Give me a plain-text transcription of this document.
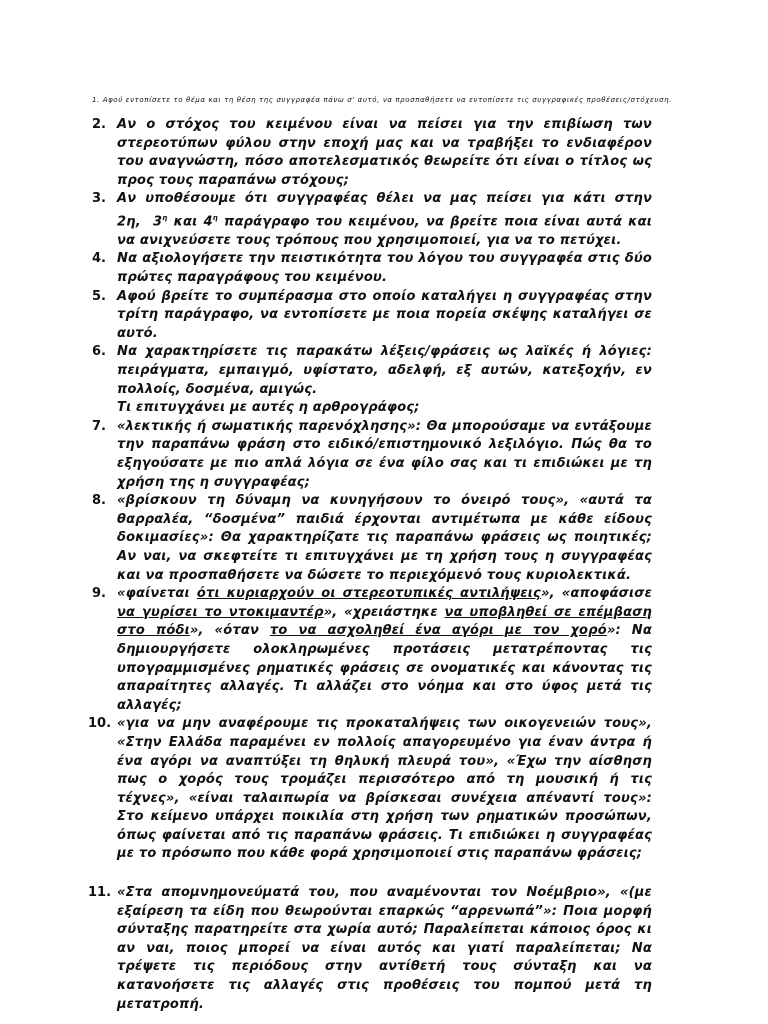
1. Αφού εντοπίσετε το θέμα και τη θέση της συγγραφέα πάνω σ' αυτό, να προσπαθήσετε να εντοπίσετε τις συγγραφικές προθέσεις/στόχευση.
2. Αν ο στόχος του κειμένου είναι να πείσει για την επιβίωση των στερεοτύπων φύλου στην εποχή μας και να τραβήξει το ενδιαφέρον του αναγνώστη, πόσο αποτελεσματικός θεωρείτε ότι είναι ο τίτλος ως προς τους παραπάνω στόχους;
3. Αν υποθέσουμε ότι συγγραφέας θέλει να μας πείσει για κάτι στην 2η, $3^\eta$ και $4^\eta$ παράγραφο του κειμένου, να βρείτε ποια είναι αυτά και να ανιχνεύσετε τους τρόπους που χρησιμοποιεί, για να το πετύχει.
4. Να αξιολογήσετε την πειστικότητα του λόγου του συγγραφέα στις δύο πρώτες παραγράφους του κειμένου.
5. Αφού βρείτε το συμπέρασμα στο οποίο καταλήγει η συγγραφέας στην τρίτη παράγραφο, να εντοπίσετε με ποια πορεία σκέψης καταλήγει σε αυτό.
6. Να χαρακτηρίσετε τις παρακάτω λέξεις/φράσεις ως λαϊκές ή λόγιες: πειράγματα, εμπαιγμό, υφίστατο, αδελφή, εξ αυτών, κατεξοχήν, εν πολλοίς, δοσμένα, αμιγώς.
Τι επιτυγχάνει με αυτές η αρθρογράφος;
7. «λεκτικής ή σωματικής παρενόχλησης»: Θα μπορούσαμε να εντάξουμε την παραπάνω φράση στο ειδικό/επιστημονικό λεξιλόγιο. Πώς θα το εξηγούσατε με πιο απλά λόγια σε ένα φίλο σας και τι επιδιώκει με τη χρήση της η συγγραφέας;
8. «βρίσκουν τη δύναμη να κυνηγήσουν το όνειρό τους», «αυτά τα θαρραλέα, “δοσμένα” παιδιά έρχονται αντιμέτωπα με κάθε είδους δοκιμασίες»: Θα χαρακτηρίζατε τις παραπάνω φράσεις ως ποιητικές; Αν ναι, να σκεφτείτε τι επιτυγχάνει με τη χρήση τους η συγγραφέας και να προσπαθήσετε να δώσετε το περιεχόμενό τους κυριολεκτικά.
9. «φαίνεται ότι κυριαρχούν οι στερεοτυπικές αντιλήψεις», «αποφάσισε να γυρίσει το ντοκιμαντέρ», «χρειάστηκε να υποβληθεί σε επέμβαση στο πόδι», «όταν το να ασχοληθεί ένα αγόρι με τον χορό»: Να δημιουργήσετε ολοκληρωμένες προτάσεις μετατρέποντας τις υπογραμμισμένες ρηματικές φράσεις σε ονοματικές και κάνοντας τις απαραίτητες αλλαγές. Τι αλλάζει στο νόημα και στο ύφος μετά τις αλλαγές;
10. «για να μην αναφέρουμε τις προκαταλήψεις των οικογενειών τους», «Στην Ελλάδα παραμένει εν πολλοίς απαγορευμένο για έναν άντρα ή ένα αγόρι να αναπτύξει τη θηλυκή πλευρά του», «Έχω την αίσθηση πως ο χορός τους τρομάζει περισσότερο από τη μουσική ή τις τέχνες», «είναι ταλαιπωρία να βρίσκεσαι συνέχεια απέναντί τους»: Στο κείμενο υπάρχει ποικιλία στη χρήση των ρηματικών προσώπων, όπως φαίνεται από τις παραπάνω φράσεις. Τι επιδιώκει η συγγραφέας με το πρόσωπο που κάθε φορά χρησιμοποιεί στις παραπάνω φράσεις;
11. «Στα απομνημονεύματά του, που αναμένονται τον Νοέμβριο», «(με εξαίρεση τα είδη που θεωρούνται επαρκώς “αρρενωπά”»: Ποια μορφή σύνταξης παρατηρείτε στα χωρία αυτό; Παραλείπεται κάποιος όρος κι αν ναι, ποιος μπορεί να είναι αυτός και γιατί παραλείπεται; Να τρέψετε τις περιόδους στην αντίθετή τους σύνταξη και να κατανοήσετε τις αλλαγές στις προθέσεις του πομπού μετά τη μετατροπή.
